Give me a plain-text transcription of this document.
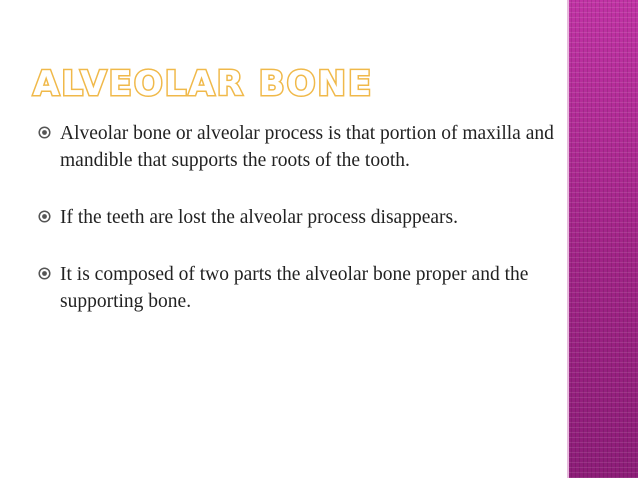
ALVEOLAR BONE
Alveolar bone or alveolar process is that portion of maxilla and mandible that supports the roots of the tooth.
If the teeth are lost the alveolar process disappears.
It is composed of two parts the alveolar bone proper and the supporting bone.
